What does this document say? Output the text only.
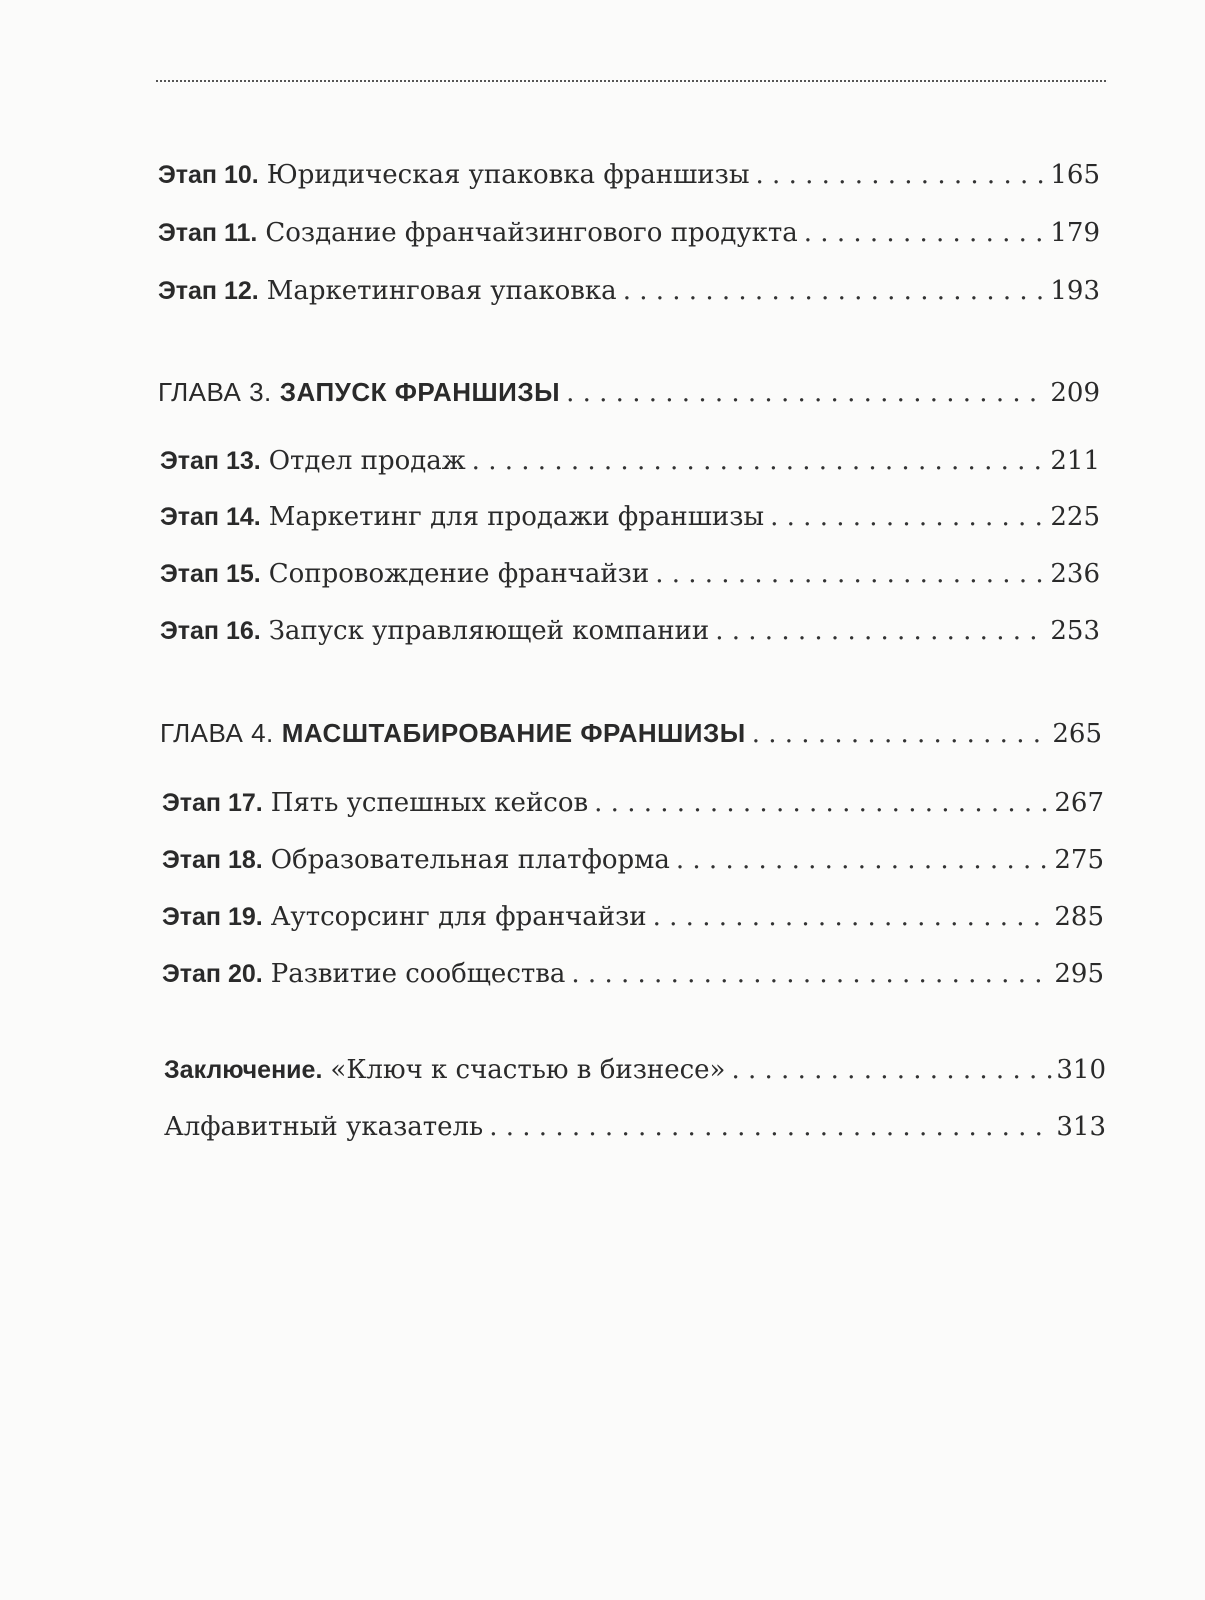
Этап 10. Юридическая упаковка франшизы . . .	165
Этап 11. Создание франчайзингового продукта . . .	179
Этап 12. Маркетинговая упаковка . . .	193
ГЛАВА 3. ЗАПУСК ФРАНШИЗЫ . . .	209
Этап 13. Отдел продаж . . .	211
Этап 14. Маркетинг для продажи франшизы . . .	225
Этап 15. Сопровождение франчайзи . . .	236
Этап 16. Запуск управляющей компании . . .	253
ГЛАВА 4. МАСШТАБИРОВАНИЕ ФРАНШИЗЫ . . .	265
Этап 17. Пять успешных кейсов . . .	267
Этап 18. Образовательная платформа . . .	275
Этап 19. Аутсорсинг для франчайзи . . .	285
Этап 20. Развитие сообщества . . .	295
Заключение. «Ключ к счастью в бизнесе» . . .	310
Алфавитный указатель . . .	313
